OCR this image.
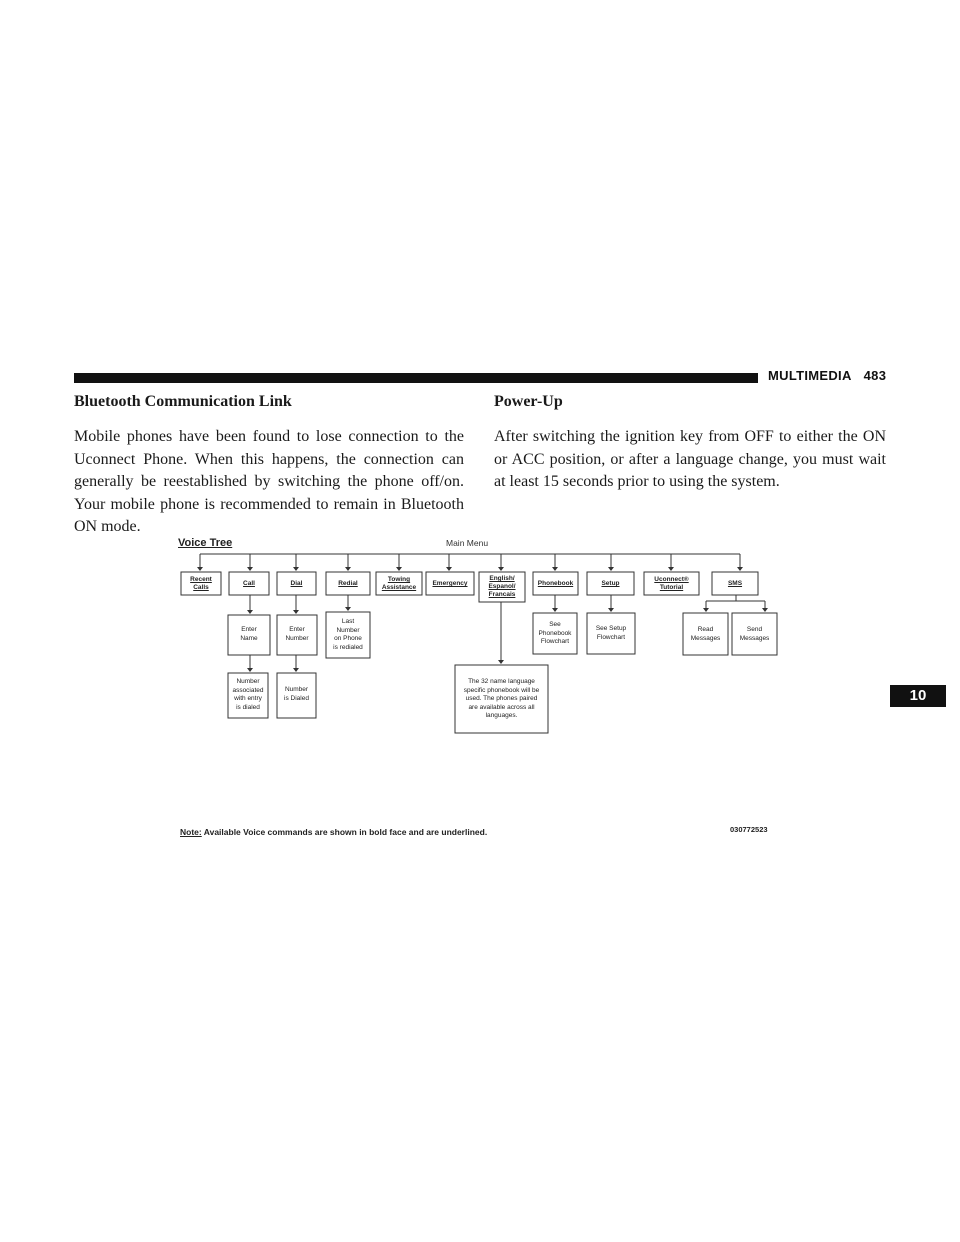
MULTIMEDIA 483
Bluetooth Communication Link

Mobile phones have been found to lose connection to the Uconnect Phone. When this happens, the connection can generally be reestablished by switching the phone off/on. Your mobile phone is recommended to remain in Bluetooth ON mode.

Power-Up

After switching the ignition key from OFF to either the ON or ACC position, or after a language change, you must wait at least 15 seconds prior to using the system.

10
Voice Tree	Main Menu
Recent
Calls
Call	Dial	Redial
Towing
Assistance
Emergency
English/
Espanol/
Francais
Phonebook	Setup
Uconnect®
Tutorial
SMS
Enter
Name
Number
associated
with entry
is dialed
Enter
Number
Number
is Dialed
Last
Number
on Phone
is redialed
The 32 name language
specific phonebook will be
used. The phones paired
are available across all
languages.
See
Phonebook
Flowchart
See Setup
Flowchart
Read
Messages
Send
Messages
Note: Available Voice commands are shown in bold face and are underlined.	030772523
